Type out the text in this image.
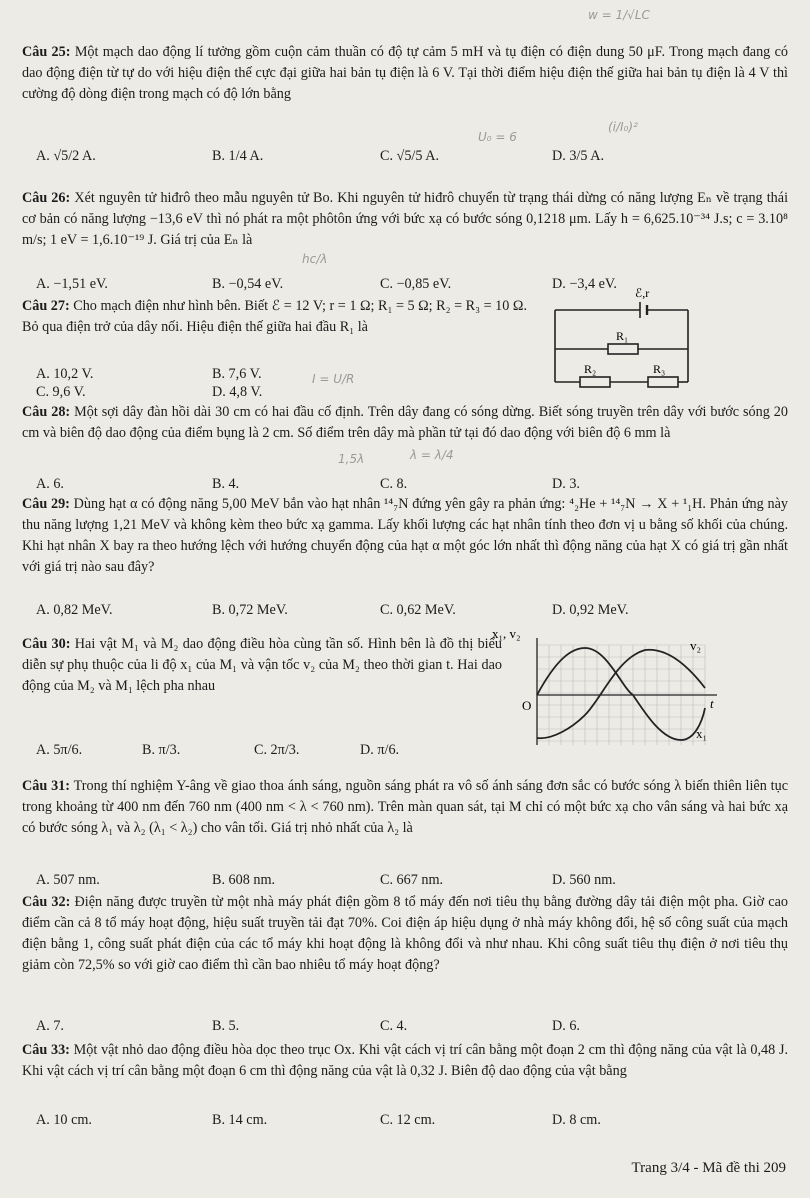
Câu 25: Một mạch dao động lí tưởng gồm cuộn cảm thuần có độ tự cảm 5 mH và tụ điện có điện dung 50 μF. Trong mạch đang có dao động điện từ tự do với hiệu điện thế cực đại giữa hai bản tụ điện là 6 V. Tại thời điểm hiệu điện thế giữa hai bản tụ điện là 4 V thì cường độ dòng điện trong mạch có độ lớn bằng
A. √5/2 A.	B. 1/4 A.	C. √5/5 A.	D. 3/5 A.
Câu 26: Xét nguyên tử hiđrô theo mẫu nguyên tử Bo. Khi nguyên tử hiđrô chuyển từ trạng thái dừng có năng lượng Eₙ về trạng thái cơ bản có năng lượng −13,6 eV thì nó phát ra một phôtôn ứng với bức xạ có bước sóng 0,1218 μm. Lấy h = 6,625.10⁻³⁴ J.s; c = 3.10⁸ m/s; 1 eV = 1,6.10⁻¹⁹ J. Giá trị của Eₙ là
A. −1,51 eV.	B. −0,54 eV.	C. −0,85 eV.	D. −3,4 eV.
Câu 27: Cho mạch điện như hình bên. Biết ℰ = 12 V; r = 1 Ω; R₁ = 5 Ω; R₂ = R₃ = 10 Ω. Bỏ qua điện trở của dây nối. Hiệu điện thế giữa hai đầu R₁ là
A. 10,2 V.	B. 7,6 V.
C. 9,6 V.	D. 4,8 V.
ℰ,r
R₁
R₂	R₃
Câu 28: Một sợi dây đàn hồi dài 30 cm có hai đầu cố định. Trên dây đang có sóng dừng. Biết sóng truyền trên dây với bước sóng 20 cm và biên độ dao động của điểm bụng là 2 cm. Số điểm trên dây mà phần tử tại đó dao động với biên độ 6 mm là
A. 6.	B. 4.	C. 8.	D. 3.
Câu 29: Dùng hạt α có động năng 5,00 MeV bắn vào hạt nhân ¹⁴₇N đứng yên gây ra phản ứng: ⁴₂He + ¹⁴₇N → X + ¹₁H. Phản ứng này thu năng lượng 1,21 MeV và không kèm theo bức xạ gamma. Lấy khối lượng các hạt nhân tính theo đơn vị u bằng số khối của chúng. Khi hạt nhân X bay ra theo hướng lệch với hướng chuyển động của hạt α một góc lớn nhất thì động năng của hạt X có giá trị gần nhất với giá trị nào sau đây?
A. 0,82 MeV.	B. 0,72 MeV.	C. 0,62 MeV.	D. 0,92 MeV.
Câu 30: Hai vật M₁ và M₂ dao động điều hòa cùng tần số. Hình bên là đồ thị biểu diễn sự phụ thuộc của li độ x₁ của M₁ và vận tốc v₂ của M₂ theo thời gian t. Hai dao động của M₂ và M₁ lệch pha nhau
A. 5π/6.	B. π/3.	C. 2π/3.	D. π/6.
x₁, v₂
O	t
v₂
x₁
Câu 31: Trong thí nghiệm Y-âng về giao thoa ánh sáng, nguồn sáng phát ra vô số ánh sáng đơn sắc có bước sóng λ biến thiên liên tục trong khoảng từ 400 nm đến 760 nm (400 nm < λ < 760 nm). Trên màn quan sát, tại M chỉ có một bức xạ cho vân sáng và hai bức xạ có bước sóng λ₁ và λ₂ (λ₁ < λ₂) cho vân tối. Giá trị nhỏ nhất của λ₂ là
A. 507 nm.	B. 608 nm.	C. 667 nm.	D. 560 nm.
Câu 32: Điện năng được truyền từ một nhà máy phát điện gồm 8 tổ máy đến nơi tiêu thụ bằng đường dây tải điện một pha. Giờ cao điểm cần cả 8 tổ máy hoạt động, hiệu suất truyền tải đạt 70%. Coi điện áp hiệu dụng ở nhà máy không đổi, hệ số công suất của mạch điện bằng 1, công suất phát điện của các tổ máy khi hoạt động là không đổi và như nhau. Khi công suất tiêu thụ điện ở nơi tiêu thụ giảm còn 72,5% so với giờ cao điểm thì cần bao nhiêu tổ máy hoạt động?
A. 7.	B. 5.	C. 4.	D. 6.
Câu 33: Một vật nhỏ dao động điều hòa dọc theo trục Ox. Khi vật cách vị trí cân bằng một đoạn 2 cm thì động năng của vật là 0,48 J. Khi vật cách vị trí cân bằng một đoạn 6 cm thì động năng của vật là 0,32 J. Biên độ dao động của vật bằng
A. 10 cm.	B. 14 cm.	C. 12 cm.	D. 8 cm.
w = 1/√LC
U₀ = 6
(i/I₀)²
hc/λ
I = U/R
1,5λ	λ = λ/4
Trang 3/4 - Mã đề thi 209
